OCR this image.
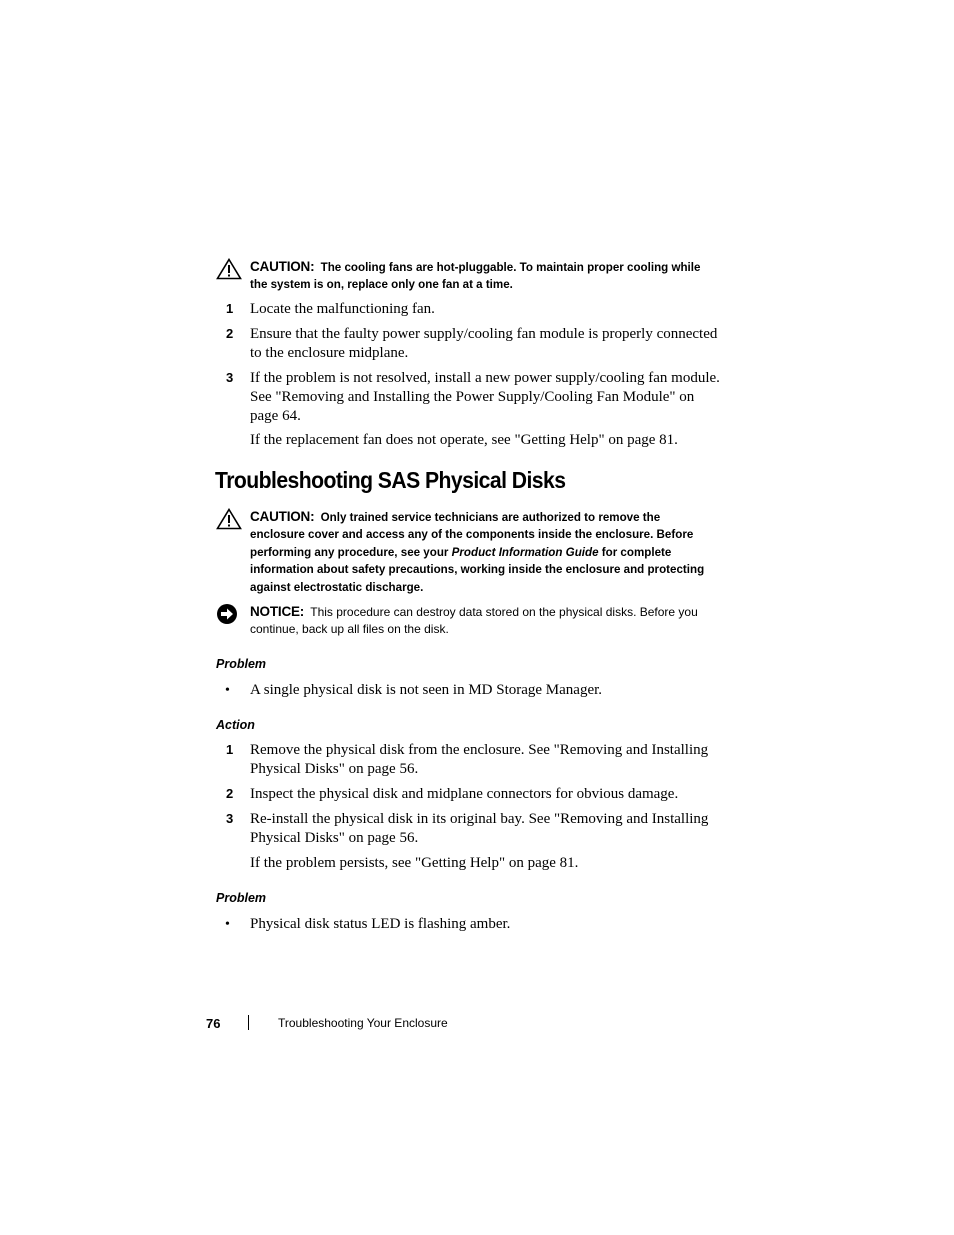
CAUTION: The cooling fans are hot-pluggable. To maintain proper cooling while the system is on, replace only one fan at a time.
1 Locate the malfunctioning fan.
2 Ensure that the faulty power supply/cooling fan module is properly connected to the enclosure midplane.
3 If the problem is not resolved, install a new power supply/cooling fan module. See "Removing and Installing the Power Supply/Cooling Fan Module" on page 64.
If the replacement fan does not operate, see "Getting Help" on page 81.
Troubleshooting SAS Physical Disks
CAUTION: Only trained service technicians are authorized to remove the enclosure cover and access any of the components inside the enclosure. Before performing any procedure, see your Product Information Guide for complete information about safety precautions, working inside the enclosure and protecting against electrostatic discharge.
NOTICE: This procedure can destroy data stored on the physical disks. Before you continue, back up all files on the disk.
Problem
• A single physical disk is not seen in MD Storage Manager.
Action
1 Remove the physical disk from the enclosure. See "Removing and Installing Physical Disks" on page 56.
2 Inspect the physical disk and midplane connectors for obvious damage.
3 Re-install the physical disk in its original bay. See "Removing and Installing Physical Disks" on page 56.
If the problem persists, see "Getting Help" on page 81.
Problem
• Physical disk status LED is flashing amber.
76	Troubleshooting Your Enclosure
